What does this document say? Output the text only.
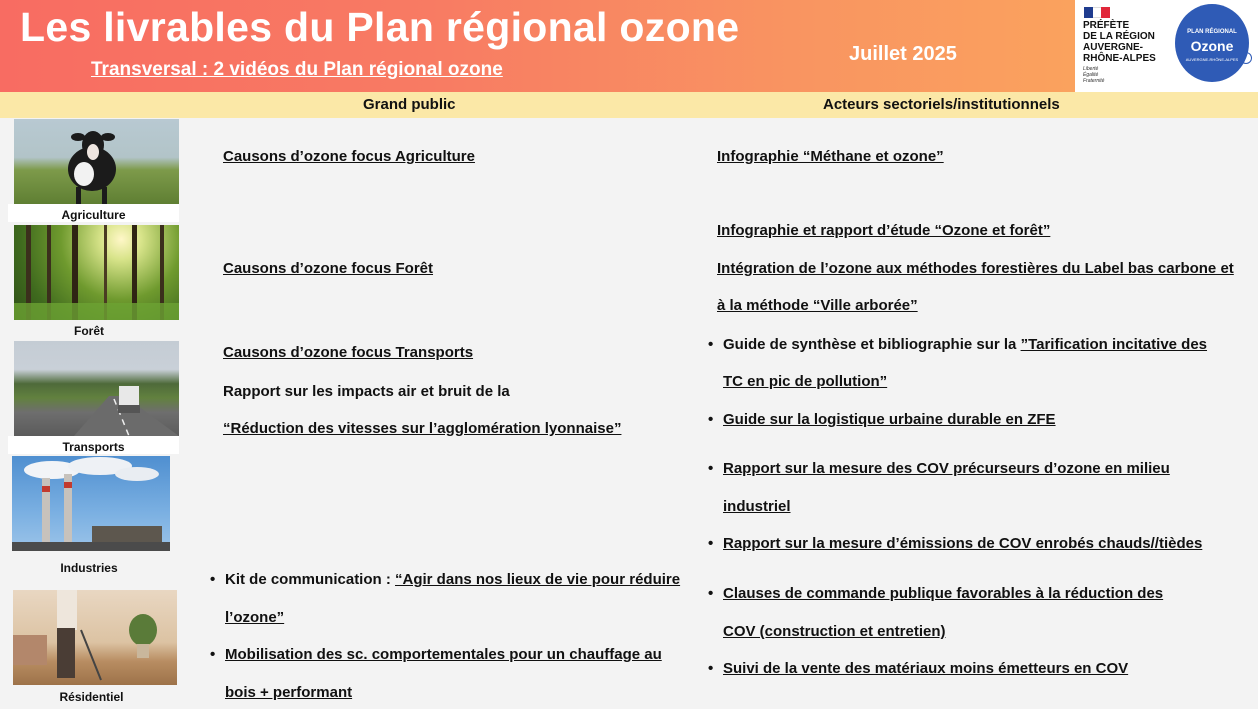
Les livrables du Plan régional ozone
Transversal : 2 vidéos du Plan régional ozone
Juillet 2025
PRÉFÈTE
DE LA RÉGION
AUVERGNE-
RHÔNE-ALPES
Liberté
Égalité
Fraternité
PLAN RÉGIONAL
Ozone
AUVERGNE-RHÔNE-ALPES
Grand public	Acteurs sectoriels/institutionnels
Agriculture
Forêt
Transports
Industries
Résidentiel
Causons d’ozone focus Agriculture
Causons d’ozone focus Forêt
Causons d’ozone focus Transports
Rapport sur les impacts air et bruit de la
“Réduction des vitesses sur l’agglomération lyonnaise”
• Kit de communication : “Agir dans nos lieux de vie pour réduire
l’ozone”
• Mobilisation des sc. comportementales pour un chauffage au
bois + performant
Infographie “Méthane et ozone”
Infographie et rapport d’étude “Ozone et forêt”
Intégration de l’ozone aux méthodes forestières du Label bas carbone et
à la méthode “Ville arborée”
• Guide de synthèse et bibliographie sur la ”Tarification incitative des
TC en pic de pollution”
• Guide sur la logistique urbaine durable en ZFE
• Rapport sur la mesure des COV précurseurs d’ozone en milieu
industriel
• Rapport sur la mesure d’émissions de COV enrobés chauds//tièdes
• Clauses de commande publique favorables à la réduction des
COV (construction et entretien)
• Suivi de la vente des matériaux moins émetteurs en COV
